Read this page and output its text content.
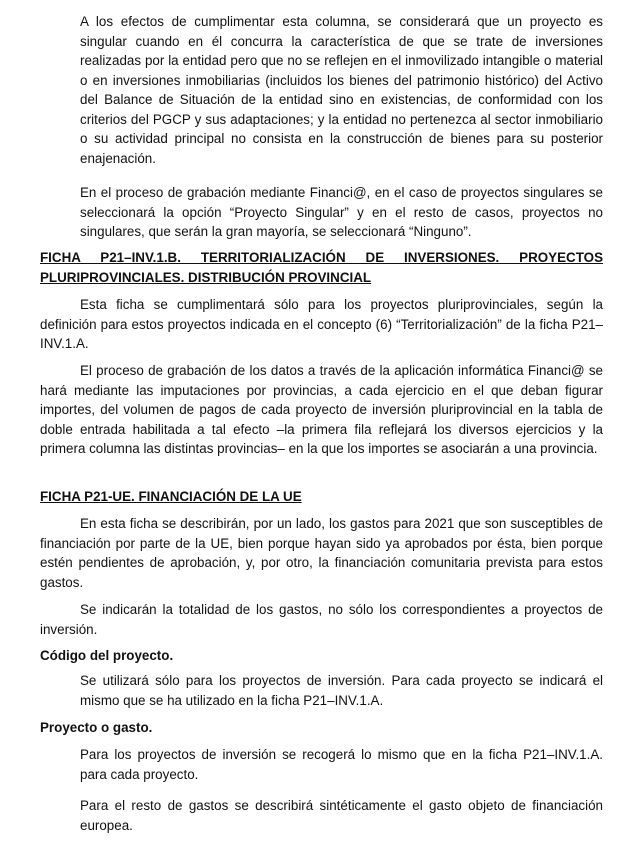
A los efectos de cumplimentar esta columna, se considerará que un proyecto es singular cuando en él concurra la característica de que se trate de inversiones realizadas por la entidad pero que no se reflejen en el inmovilizado intangible o material o en inversiones inmobiliarias (incluidos los bienes del patrimonio histórico) del Activo del Balance de Situación de la entidad sino en existencias, de conformidad con los criterios del PGCP y sus adaptaciones; y la entidad no pertenezca al sector inmobiliario o su actividad principal no consista en la construcción de bienes para su posterior enajenación.

En el proceso de grabación mediante Financi@, en el caso de proyectos singulares se seleccionará la opción “Proyecto Singular” y en el resto de casos, proyectos no singulares, que serán la gran mayoría, se seleccionará “Ninguno”.

FICHA P21–INV.1.B. TERRITORIALIZACIÓN DE INVERSIONES. PROYECTOS PLURIPROVINCIALES. DISTRIBUCIÓN PROVINCIAL

Esta ficha se cumplimentará sólo para los proyectos pluriprovinciales, según la definición para estos proyectos indicada en el concepto (6) “Territorialización” de la ficha P21–INV.1.A.

El proceso de grabación de los datos a través de la aplicación informática Financi@ se hará mediante las imputaciones por provincias, a cada ejercicio en el que deban figurar importes, del volumen de pagos de cada proyecto de inversión pluriprovincial en la tabla de doble entrada habilitada a tal efecto –la primera fila reflejará los diversos ejercicios y la primera columna las distintas provincias– en la que los importes se asociarán a una provincia.

FICHA P21-UE. FINANCIACIÓN DE LA UE

En esta ficha se describirán, por un lado, los gastos para 2021 que son susceptibles de financiación por parte de la UE, bien porque hayan sido ya aprobados por ésta, bien porque estén pendientes de aprobación, y, por otro, la financiación comunitaria prevista para estos gastos.

Se indicarán la totalidad de los gastos, no sólo los correspondientes a proyectos de inversión.

Código del proyecto.

Se utilizará sólo para los proyectos de inversión. Para cada proyecto se indicará el mismo que se ha utilizado en la ficha P21–INV.1.A.

Proyecto o gasto.

Para los proyectos de inversión se recogerá lo mismo que en la ficha P21–INV.1.A. para cada proyecto.

Para el resto de gastos se describirá sintéticamente el gasto objeto de financiación europea.
